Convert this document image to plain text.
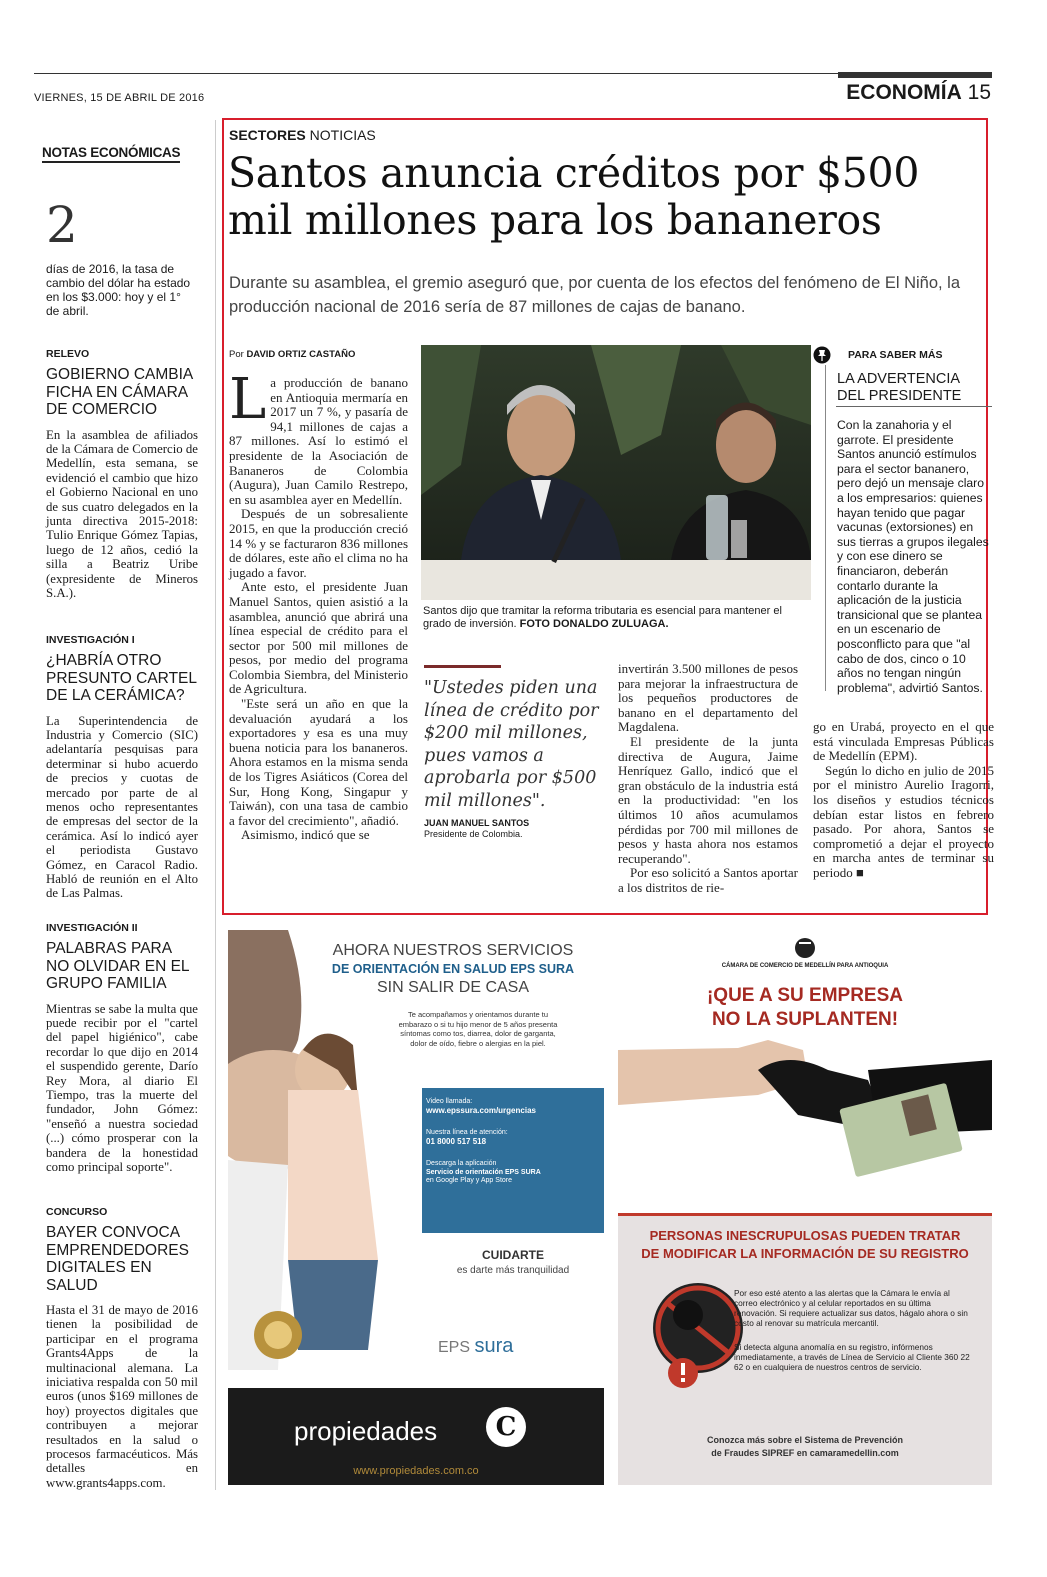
VIERNES, 15 DE ABRIL DE 2016	ECONOMÍA 15
NOTAS ECONÓMICAS
2
días de 2016, la tasa de cambio del dólar ha estado en los $3.000: hoy y el 1° de abril.
RELEVO
GOBIERNO CAMBIA FICHA EN CÁMARA DE COMERCIO
En la asamblea de afiliados de la Cámara de Comercio de Medellín, esta semana, se evidenció el cambio que hizo el Gobierno Nacional en uno de sus cuatro delegados en la junta directiva 2015-2018: Tulio Enrique Gómez Tapias, luego de 12 años, cedió la silla a Beatriz Uribe (expresidente de Mineros S.A.).
INVESTIGACIÓN I
¿HABRÍA OTRO PRESUNTO CARTEL DE LA CERÁMICA?
La Superintendencia de Industria y Comercio (SIC) adelantaría pesquisas para determinar si hubo acuerdo de precios y cuotas de mercado por parte de al menos ocho representantes de empresas del sector de la cerámica. Así lo indicó ayer el periodista Gustavo Gómez, en Caracol Radio. Habló de reunión en el Alto de Las Palmas.
INVESTIGACIÓN II
PALABRAS PARA NO OLVIDAR EN EL GRUPO FAMILIA
Mientras se sabe la multa que puede recibir por el "cartel del papel higiénico", cabe recordar lo que dijo en 2014 el suspendido gerente, Darío Rey Mora, al diario El Tiempo, tras la muerte del fundador, John Gómez: "enseñó a nuestra sociedad (...) cómo prosperar con la bandera de la honestidad como principal soporte".
CONCURSO
BAYER CONVOCA EMPRENDEDORES DIGITALES EN SALUD
Hasta el 31 de mayo de 2016 tienen la posibilidad de participar en el programa Grants4Apps de la multinacional alemana. La iniciativa respalda con 50 mil euros (unos $169 millones de hoy) proyectos digitales que contribuyen a mejorar resultados en la salud o procesos farmacéuticos. Más detalles en www.grants4apps.com.
SECTORES NOTICIAS
Santos anuncia créditos por $500 mil millones para los bananeros

Durante su asamblea, el gremio aseguró que, por cuenta de los efectos del fenómeno de El Niño, la producción nacional de 2016 sería de 87 millones de cajas de banano.

Por DAVID ORTIZ CASTAÑO
L a producción de banano en Antioquia mermaría en 2017 un 7 %, y pasaría de 94,1 millones de cajas a 87 millones. Así lo estimó el presidente de la Asociación de Bananeros de Colombia (Augura), Juan Camilo Restrepo, en su asamblea ayer en Medellín.

Después de un sobresaliente 2015, en que la producción creció 14 % y se facturaron 836 millones de dólares, este año el clima no ha jugado a favor.

Ante esto, el presidente Juan Manuel Santos, quien asistió a la asamblea, anunció que abrirá una línea especial de crédito para el sector por 500 mil millones de pesos, por medio del programa Colombia Siembra, del Ministerio de Agricultura.

"Este será un año en que la devaluación ayudará a los exportadores y esa es una muy buena noticia para los bananeros. Ahora estamos en la misma senda de los Tigres Asiáticos (Corea del Sur, Hong Kong, Singapur y Taiwán), con una tasa de cambio a favor del crecimiento", añadió.

Asimismo, indicó que se

Santos dijo que tramitar la reforma tributaria es esencial para mantener el grado de inversión. FOTO DONALDO ZULUAGA.
"Ustedes piden una línea de crédito por $200 mil millones, pues vamos a aprobarla por $500 mil millones".
JUAN MANUEL SANTOS
Presidente de Colombia.

invertirán 3.500 millones de pesos para mejorar la infraestructura de los pequeños productores de banano en el departamento del Magdalena.

El presidente de la junta directiva de Augura, Jaime Henríquez Gallo, indicó que el gran obstáculo de la industria está en la productividad: "en los últimos 10 años acumulamos pérdidas por 700 mil millones de pesos y hasta ahora nos estamos recuperando".

Por eso solicitó a Santos aportar a los distritos de rie-

go en Urabá, proyecto en el que está vinculada Empresas Públicas de Medellín (EPM).

Según lo dicho en julio de 2015 por el ministro Aurelio Iragorri, los diseños y estudios técnicos debían estar listos en febrero pasado. Por ahora, Santos se comprometió a dejar el proyecto en marcha antes de terminar su periodo ■

PARA SABER MÁS
LA ADVERTENCIA DEL PRESIDENTE
Con la zanahoria y el garrote. El presidente Santos anunció estímulos para el sector bananero, pero dejó un mensaje claro a los empresarios: quienes hayan tenido que pagar vacunas (extorsiones) en sus tierras a grupos ilegales y con ese dinero se financiaron, deberán contarlo durante la aplicación de la justicia transicional que se plantea en un escenario de posconflicto para que "al cabo de dos, cinco o 10 años no tengan ningún problema", advirtió Santos.
AHORA NUESTROS SERVICIOS
DE ORIENTACIÓN EN SALUD EPS SURA
SIN SALIR DE CASA
Te acompañamos y orientamos durante tu embarazo o si tu hijo menor de 5 años presenta síntomas como tos, diarrea, dolor de garganta, dolor de oído, fiebre o alergias en la piel.
Video llamada:
www.epssura.com/urgencias
Nuestra línea de atención:
01 8000 517 518
Descarga la aplicación
Servicio de orientación EPS SURA
en Google Play y App Store
CUIDARTE
es darte más tranquilidad
EPS sura
propiedades	C
www.propiedades.com.co
CÁMARA DE COMERCIO DE MEDELLÍN PARA ANTIOQUIA
¡QUE A SU EMPRESA
NO LA SUPLANTEN!
PERSONAS INESCRUPULOSAS PUEDEN TRATAR
DE MODIFICAR LA INFORMACIÓN DE SU REGISTRO
Por eso esté atento a las alertas que la Cámara le envía al correo electrónico y al celular reportados en su última renovación. Si requiere actualizar sus datos, hágalo ahora o sin costo al renovar su matrícula mercantil.
Si detecta alguna anomalía en su registro, infórmenos inmediatamente, a través de Línea de Servicio al Cliente 360 22 62 o en cualquiera de nuestros centros de servicio.
Conozca más sobre el Sistema de Prevención
de Fraudes SIPREF en camaramedellin.com
